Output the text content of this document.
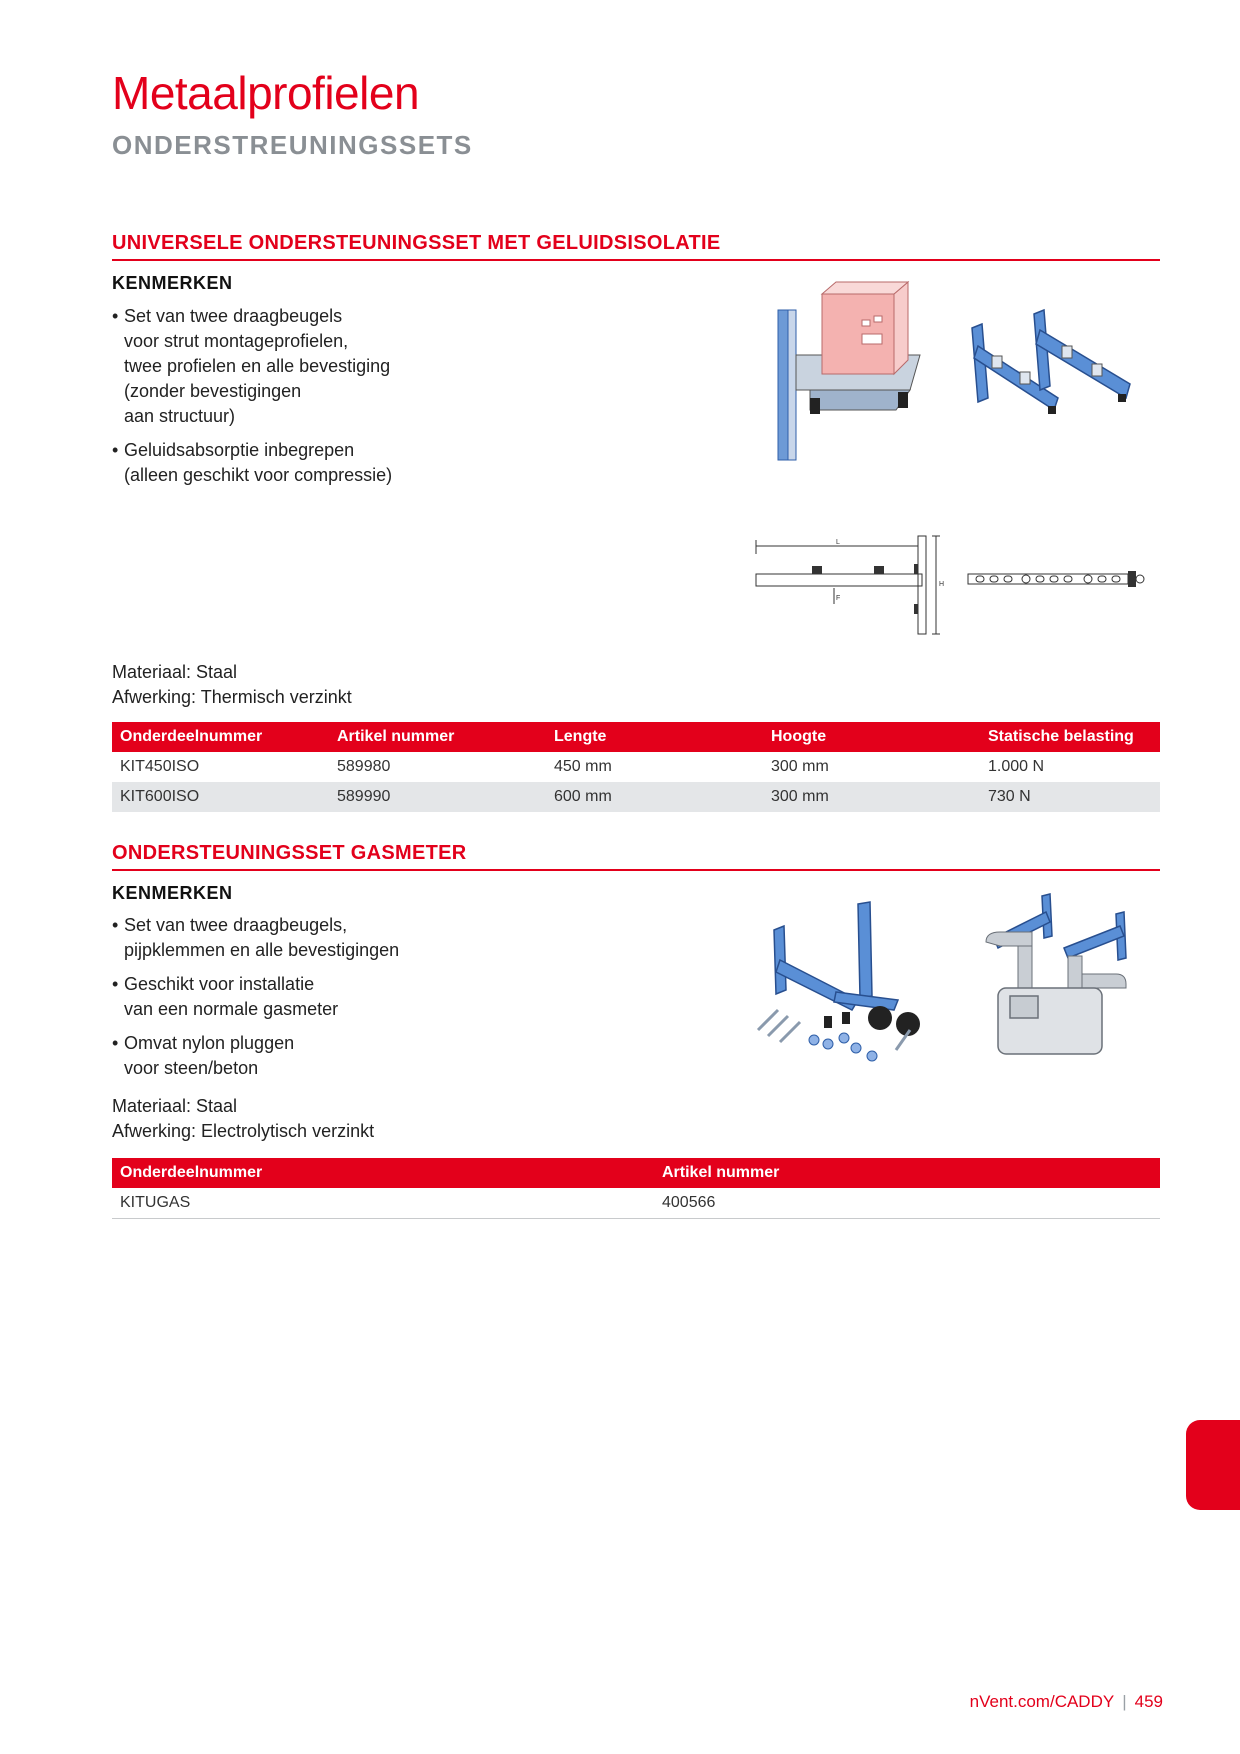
Metaalprofielen
ONDERSTREUNINGSSETS
UNIVERSELE ONDERSTEUNINGSSET MET GELUIDSISOLATIE
KENMERKEN
• Set van twee draagbeugels
voor strut montageprofielen,
twee profielen en alle bevestiging
(zonder bevestigingen
aan structuur)
• Geluidsabsorptie inbegrepen
(alleen geschikt voor compressie)
L
H
F
Materiaal: Staal
Afwerking: Thermisch verzinkt
Onderdeelnummer	Artikel nummer	Lengte	Hoogte	Statische belasting
KIT450ISO	589980	450 mm	300 mm	1.000 N
KIT600ISO	589990	600 mm	300 mm	730 N
ONDERSTEUNINGSSET GASMETER
KENMERKEN
• Set van twee draagbeugels,
pijpklemmen en alle bevestigingen
• Geschikt voor installatie
van een normale gasmeter
• Omvat nylon pluggen
voor steen/beton
Materiaal: Staal
Afwerking: Electrolytisch verzinkt
Onderdeelnummer	Artikel nummer
KITUGAS	400566
nVent.com/CADDY | 459
